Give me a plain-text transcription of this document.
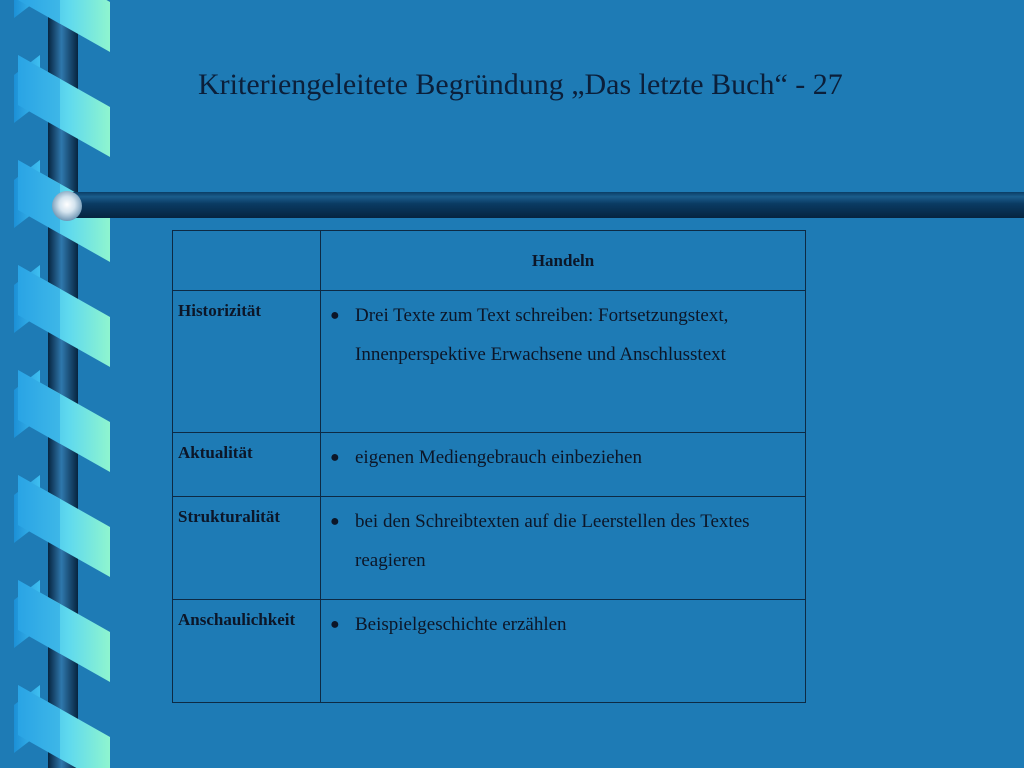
Kriteriengeleitete Begründung „Das letzte Buch“ - 27
	Handeln
Historizität	● Drei Texte zum Text schreiben: Fortsetzungstext, Innenperspektive Erwachsene und Anschlusstext

Aktualität	● eigenen Mediengebrauch einbeziehen

Strukturalität	● bei den Schreibtexten auf die Leerstellen des Textes reagieren

Anschaulichkeit	● Beispielgeschichte erzählen
